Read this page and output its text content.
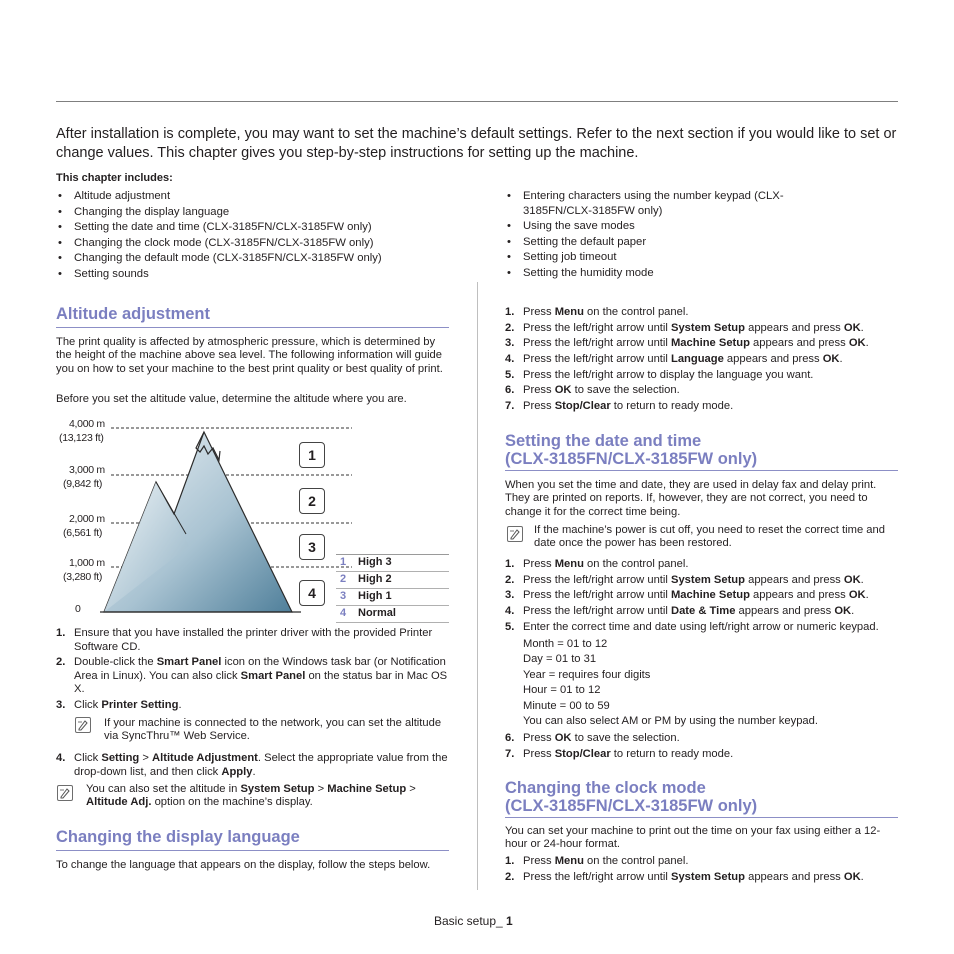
After installation is complete, you may want to set the machine’s default settings. Refer to the next section if you would like to set or change values. This chapter gives you step-by-step instructions for setting up the machine.
This chapter includes:
• Altitude adjustment
• Changing the display language
• Setting the date and time (CLX-3185FN/CLX-3185FW only)
• Changing the clock mode (CLX-3185FN/CLX-3185FW only)
• Changing the default mode (CLX-3185FN/CLX-3185FW only)
• Setting sounds
• Entering characters using the number keypad (CLX-3185FN/CLX-3185FW only)
• Using the save modes
• Setting the default paper
• Setting job timeout
• Setting the humidity mode
Altitude adjustment
The print quality is affected by atmospheric pressure, which is determined by the height of the machine above sea level. The following information will guide you on how to set your machine to the best print quality or best quality of print.
Before you set the altitude value, determine the altitude where you are.
4,000 m
(13,123 ft)
3,000 m
(9,842 ft)
2,000 m
(6,561 ft)
1,000 m
(3,280 ft)
0
1
2
3
4
1 High 3
2 High 2
3 High 1
4 Normal
1. Ensure that you have installed the printer driver with the provided Printer Software CD.
2. Double-click the Smart Panel icon on the Windows task bar (or Notification Area in Linux). You can also click Smart Panel on the status bar in Mac OS X.
3. Click Printer Setting.
If your machine is connected to the network, you can set the altitude via SyncThru™ Web Service.
4. Click Setting > Altitude Adjustment. Select the appropriate value from the drop-down list, and then click Apply.
You can also set the altitude in System Setup > Machine Setup > Altitude Adj. option on the machine’s display.
Changing the display language
To change the language that appears on the display, follow the steps below.
1. Press Menu on the control panel.
2. Press the left/right arrow until System Setup appears and press OK.
3. Press the left/right arrow until Machine Setup appears and press OK.
4. Press the left/right arrow until Language appears and press OK.
5. Press the left/right arrow to display the language you want.
6. Press OK to save the selection.
7. Press Stop/Clear to return to ready mode.
Setting the date and time
(CLX-3185FN/CLX-3185FW only)
When you set the time and date, they are used in delay fax and delay print. They are printed on reports. If, however, they are not correct, you need to change it for the correct time being.
If the machine’s power is cut off, you need to reset the correct time and date once the power has been restored.
1. Press Menu on the control panel.
2. Press the left/right arrow until System Setup appears and press OK.
3. Press the left/right arrow until Machine Setup appears and press OK.
4. Press the left/right arrow until Date & Time appears and press OK.
5. Enter the correct time and date using left/right arrow or numeric keypad.
Month = 01 to 12
Day = 01 to 31
Year = requires four digits
Hour = 01 to 12
Minute = 00 to 59
You can also select AM or PM by using the number keypad.
6. Press OK to save the selection.
7. Press Stop/Clear to return to ready mode.
Changing the clock mode
(CLX-3185FN/CLX-3185FW only)
You can set your machine to print out the time on your fax using either a 12-hour or 24-hour format.
1. Press Menu on the control panel.
2. Press the left/right arrow until System Setup appears and press OK.
Basic setup_ 1
